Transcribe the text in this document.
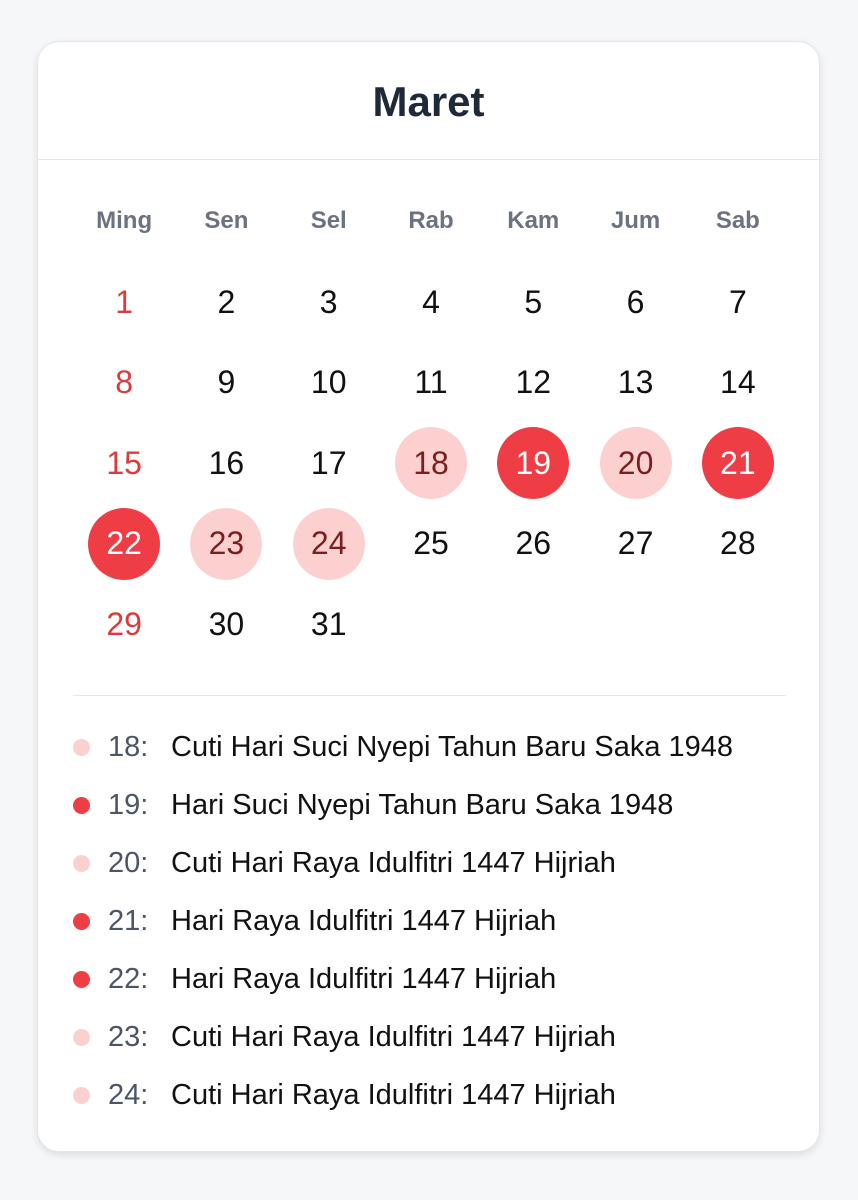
Maret
Ming	Sen	Sel	Rab	Kam	Jum	Sab
1	2	3	4	5	6	7
8	9	10	11	12	13	14
15	16	17	18	19	20	21
22	23	24	25	26	27	28
29	30	31
18: Cuti Hari Suci Nyepi Tahun Baru Saka 1948
19: Hari Suci Nyepi Tahun Baru Saka 1948
20: Cuti Hari Raya Idulfitri 1447 Hijriah
21: Hari Raya Idulfitri 1447 Hijriah
22: Hari Raya Idulfitri 1447 Hijriah
23: Cuti Hari Raya Idulfitri 1447 Hijriah
24: Cuti Hari Raya Idulfitri 1447 Hijriah
